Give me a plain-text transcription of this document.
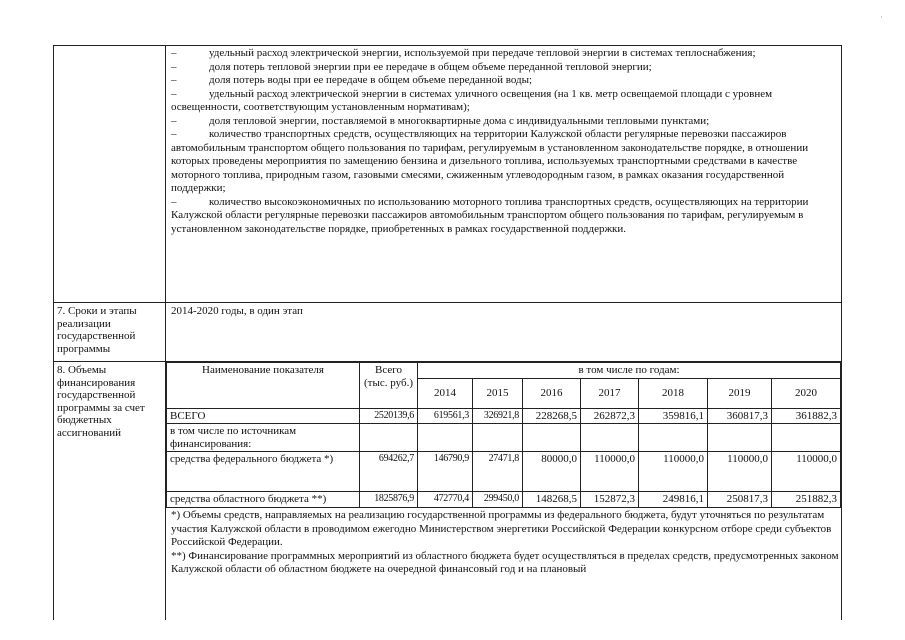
·
–	удельный расход электрической энергии, используемой при передаче тепловой энергии в системах теплоснабжения;
–	доля потерь тепловой энергии при ее передаче в общем объеме переданной тепловой энергии;
–	доля потерь воды при ее передаче в общем объеме переданной воды;
–	удельный расход электрической энергии в системах уличного освещения (на 1 кв. метр освещаемой площади с уровнем освещенности, соответствующим установленным нормативам);
–	доля тепловой энергии, поставляемой в многоквартирные дома с индивидуальными тепловыми пунктами;
–	количество транспортных средств, осуществляющих на территории Калужской области регулярные перевозки пассажиров автомобильным транспортом общего пользования по тарифам, регулируемым в установленном законодательстве порядке, в отношении которых проведены мероприятия по замещению бензина и дизельного топлива, используемых транспортными средствами в качестве моторного топлива, природным газом, газовыми смесями, сжиженным углеводородным газом, в рамках оказания государственной поддержки;
–	количество высокоэкономичных по использованию моторного топлива транспортных средств, осуществляющих на территории Калужской области регулярные перевозки пассажиров автомобильным транспортом общего пользования по тарифам, регулируемым в установленном законодательстве порядке, приобретенных в рамках государственной поддержки.
7. Сроки и этапы реализации государственной программы
2014-2020 годы, в один этап
8. Объемы финансирования государственной программы за счет бюджетных ассигнований
Наименование показателя	Всего (тыс. руб.)	в том числе по годам:						
		2014	2015	2016	2017	2018	2019	2020
ВСЕГО	2520139,6	619561,3	326921,8	228268,5	262872,3	359816,1	360817,3	361882,3
в том числе по источникам финансирования:								
средства федерального бюджета *)	694262,7	146790,9	27471,8	80000,0	110000,0	110000,0	110000,0	110000,0
средства областного бюджета **)	1825876,9	472770,4	299450,0	148268,5	152872,3	249816,1	250817,3	251882,3
*) Объемы средств, направляемых на реализацию государственной программы из федерального бюджета, будут уточняться по результатам участия Калужской области в проводимом ежегодно Министерством энергетики Российской Федерации конкурсном отборе среди субъектов Российской Федерации.
**) Финансирование программных мероприятий из областного бюджета будет осуществляться в пределах средств, предусмотренных законом Калужской области об областном бюджете на очередной финансовый год и на плановый
